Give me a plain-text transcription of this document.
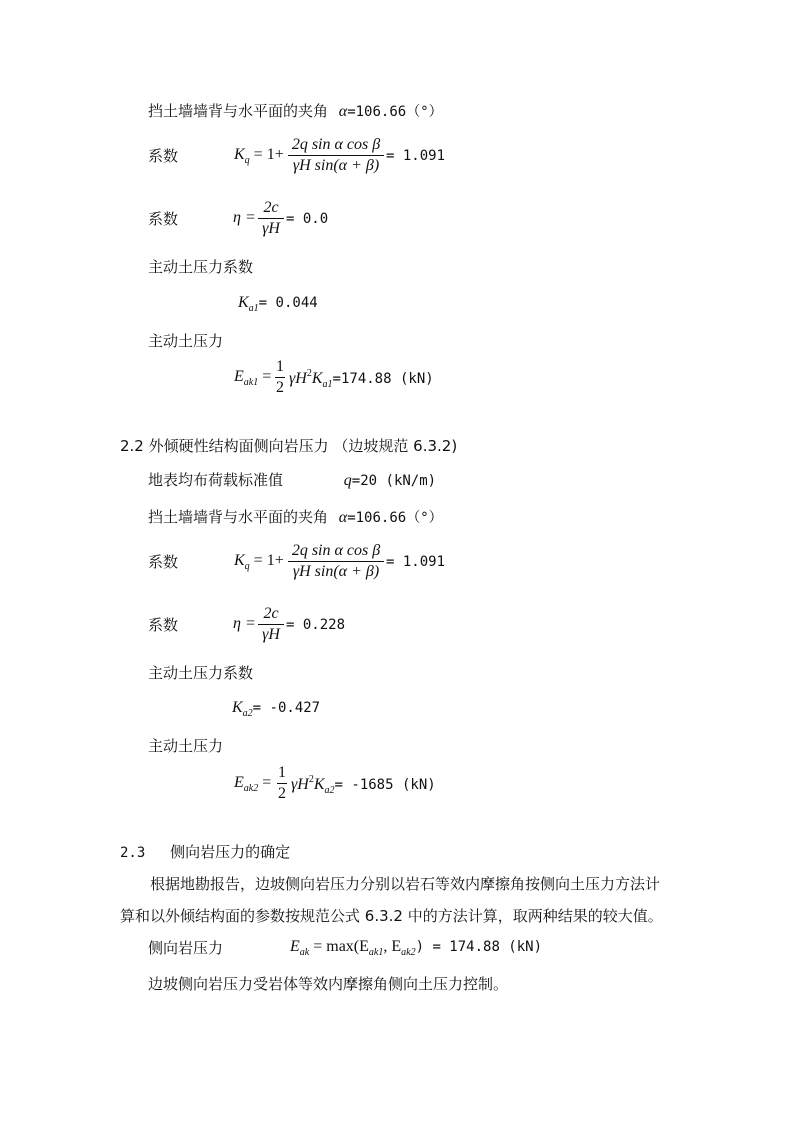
挡土墙墙背与水平面的夹角 α=106.66（°）
系数	$K_q = 1+$
2q sin α cos β
γH sin(α + β)
= 1.091
系数	η =
2c
γH
= 0.0
主动土压力系数
$K_{a1}= 0.044$
主动土压力
$E_{ak1}$ =
1
2
$\gamma H^2K_{a1}=174.88$ (kN)
2.2 外倾硬性结构面侧向岩压力 （边坡规范 6.3.2)
地表均布荷载标准值	q=20 (kN/m)
挡土墙墙背与水平面的夹角 α=106.66（°）
系数	$K_q = 1+$
2q sin α cos β
γH sin(α + β)
= 1.091
系数	η =
2c
γH
= 0.228
主动土压力系数
$K_{a2}= -0.427$
主动土压力
$E_{ak2}$ =
1
2
$\gamma H^2K_{a2}= -1685$ (kN)
2.3 侧向岩压力的确定
根据地勘报告，边坡侧向岩压力分别以岩石等效内摩擦角按侧向土压力方法计
算和以外倾结构面的参数按规范公式 6.3.2 中的方法计算，取两种结果的较大值。
侧向岩压力	$E_{ak} = \max(E_{ak1}$, $E_{ak2}) = 174.88$ (kN)
边坡侧向岩压力受岩体等效内摩擦角侧向土压力控制。
